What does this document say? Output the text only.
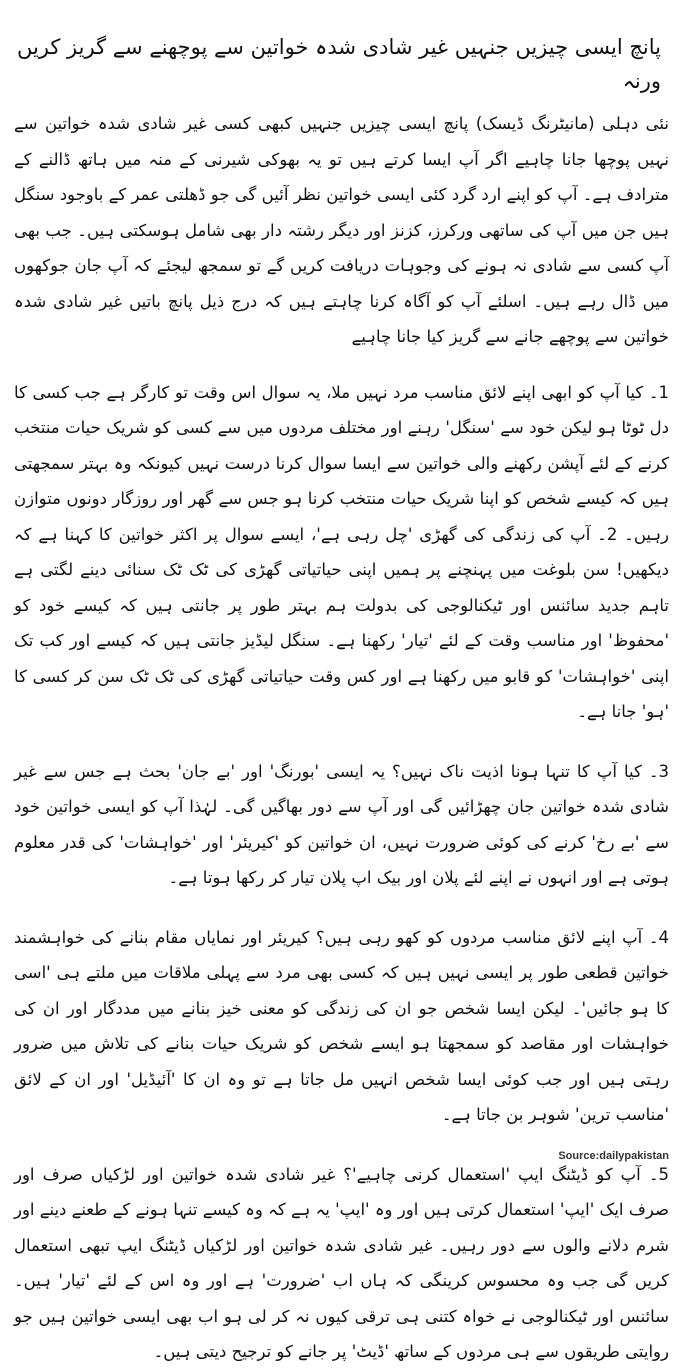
پانچ ایسی چیزیں جنہیں غیر شادی شدہ خواتین سے پوچھنے سے گریز کریں ورنہ

نئی دہلی (مانیٹرنگ ڈیسک) پانچ ایسی چیزیں جنہیں کبھی کسی غیر شادی شدہ خواتین سے نہیں پوچھا جانا چاہیے اگر آپ ایسا کرتے ہیں تو یہ بھوکی شیرنی کے منہ میں ہاتھ ڈالنے کے مترادف ہے۔ آپ کو اپنے ارد گرد کئی ایسی خواتین نظر آئیں گی جو ڈھلتی عمر کے باوجود سنگل ہیں جن میں آپ کی ساتھی ورکرز، کزنز اور دیگر رشتہ دار بھی شامل ہوسکتی ہیں۔ جب بھی آپ کسی سے شادی نہ ہونے کی وجوہات دریافت کریں گے تو سمجھ لیجئے کہ آپ جان جوکھوں میں ڈال رہے ہیں۔ اسلئے آپ کو آگاہ کرنا چاہتے ہیں کہ درج ذیل پانچ باتیں غیر شادی شدہ خواتین سے پوچھے جانے سے گریز کیا جانا چاہیے

1۔ کیا آپ کو ابھی اپنے لائق مناسب مرد نہیں ملا، یہ سوال اس وقت تو کارگر ہے جب کسی کا دل ٹوٹا ہو لیکن خود سے 'سنگل' رہنے اور مختلف مردوں میں سے کسی کو شریک حیات منتخب کرنے کے لئے آپشن رکھنے والی خواتین سے ایسا سوال کرنا درست نہیں کیونکہ وہ بہتر سمجھتی ہیں کہ کیسے شخص کو اپنا شریک حیات منتخب کرنا ہو جس سے گھر اور روزگار دونوں متوازن رہیں۔ 2۔ آپ کی زندگی کی گھڑی 'چل رہی ہے'، ایسے سوال پر اکثر خواتین کا کہنا ہے کہ دیکھیں! سن بلوغت میں پہنچنے پر ہمیں اپنی حیاتیاتی گھڑی کی ٹک ٹک سنائی دینے لگتی ہے تاہم جدید سائنس اور ٹیکنالوجی کی بدولت ہم بہتر طور پر جانتی ہیں کہ کیسے خود کو 'محفوظ' اور مناسب وقت کے لئے 'تیار' رکھنا ہے۔ سنگل لیڈیز جانتی ہیں کہ کیسے اور کب تک اپنی 'خواہشات' کو قابو میں رکھنا ہے اور کس وقت حیاتیاتی گھڑی کی ٹک ٹک سن کر کسی کا 'ہو' جانا ہے۔

3۔ کیا آپ کا تنہا ہونا اذیت ناک نہیں؟ یہ ایسی 'بورنگ' اور 'بے جان' بحث ہے جس سے غیر شادی شدہ خواتین جان چھڑائیں گی اور آپ سے دور بھاگیں گی۔ لہٰذا آپ کو ایسی خواتین خود سے 'بے رخ' کرنے کی کوئی ضرورت نہیں، ان خواتین کو 'کیریئر' اور 'خواہشات' کی قدر معلوم ہوتی ہے اور انہوں نے اپنے لئے پلان اور بیک اپ پلان تیار کر رکھا ہوتا ہے۔

4۔ آپ اپنے لائق مناسب مردوں کو کھو رہی ہیں؟ کیریئر اور نمایاں مقام بنانے کی خواہشمند خواتین قطعی طور پر ایسی نہیں ہیں کہ کسی بھی مرد سے پہلی ملاقات میں ملتے ہی 'اسی کا ہو جائیں'۔ لیکن ایسا شخص جو ان کی زندگی کو معنی خیز بنانے میں مددگار اور ان کی خواہشات اور مقاصد کو سمجھتا ہو ایسے شخص کو شریک حیات بنانے کی تلاش میں ضرور رہتی ہیں اور جب کوئی ایسا شخص انہیں مل جاتا ہے تو وہ ان کا 'آئیڈیل' اور ان کے لائق 'مناسب ترین' شوہر بن جاتا ہے۔

5۔ آپ کو ڈیٹنگ ایپ 'استعمال کرنی چاہیے'؟ غیر شادی شدہ خواتین اور لڑکیاں صرف اور صرف ایک 'ایپ' استعمال کرتی ہیں اور وہ 'ایپ' یہ ہے کہ وہ کیسے تنہا ہونے کے طعنے دینے اور شرم دلانے والوں سے دور رہیں۔ غیر شادی شدہ خواتین اور لڑکیاں ڈیٹنگ ایپ تبھی استعمال کریں گی جب وہ محسوس کرینگی کہ ہاں اب 'ضرورت' ہے اور وہ اس کے لئے 'تیار' ہیں۔ سائنس اور ٹیکنالوجی نے خواہ کتنی ہی ترقی کیوں نہ کر لی ہو اب بھی ایسی خواتین ہیں جو روایتی طریقوں سے ہی مردوں کے ساتھ 'ڈیٹ' پر جانے کو ترجیح دیتی ہیں۔

Source:dailypakistan
